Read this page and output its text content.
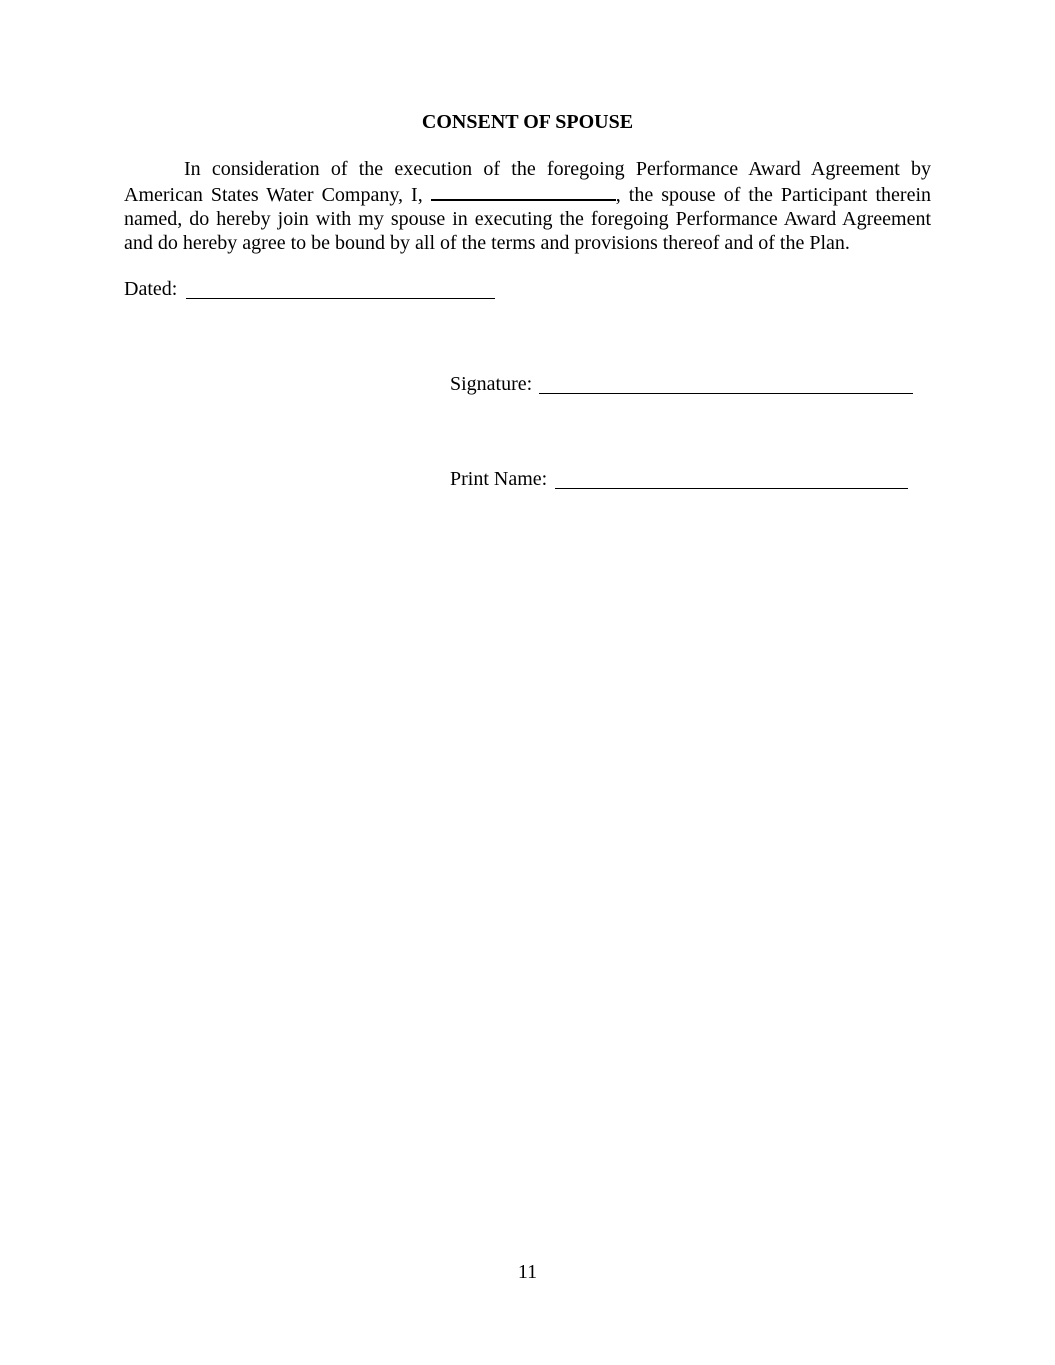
CONSENT OF SPOUSE
In consideration of the execution of the foregoing Performance Award Agreement by
American States Water Company, I,	, the spouse of the Participant therein
named, do hereby join with my spouse in executing the foregoing Performance Award Agreement
and do hereby agree to be bound by all of the terms and provisions thereof and of the Plan.
Dated:
Signature:
Print Name:
11
